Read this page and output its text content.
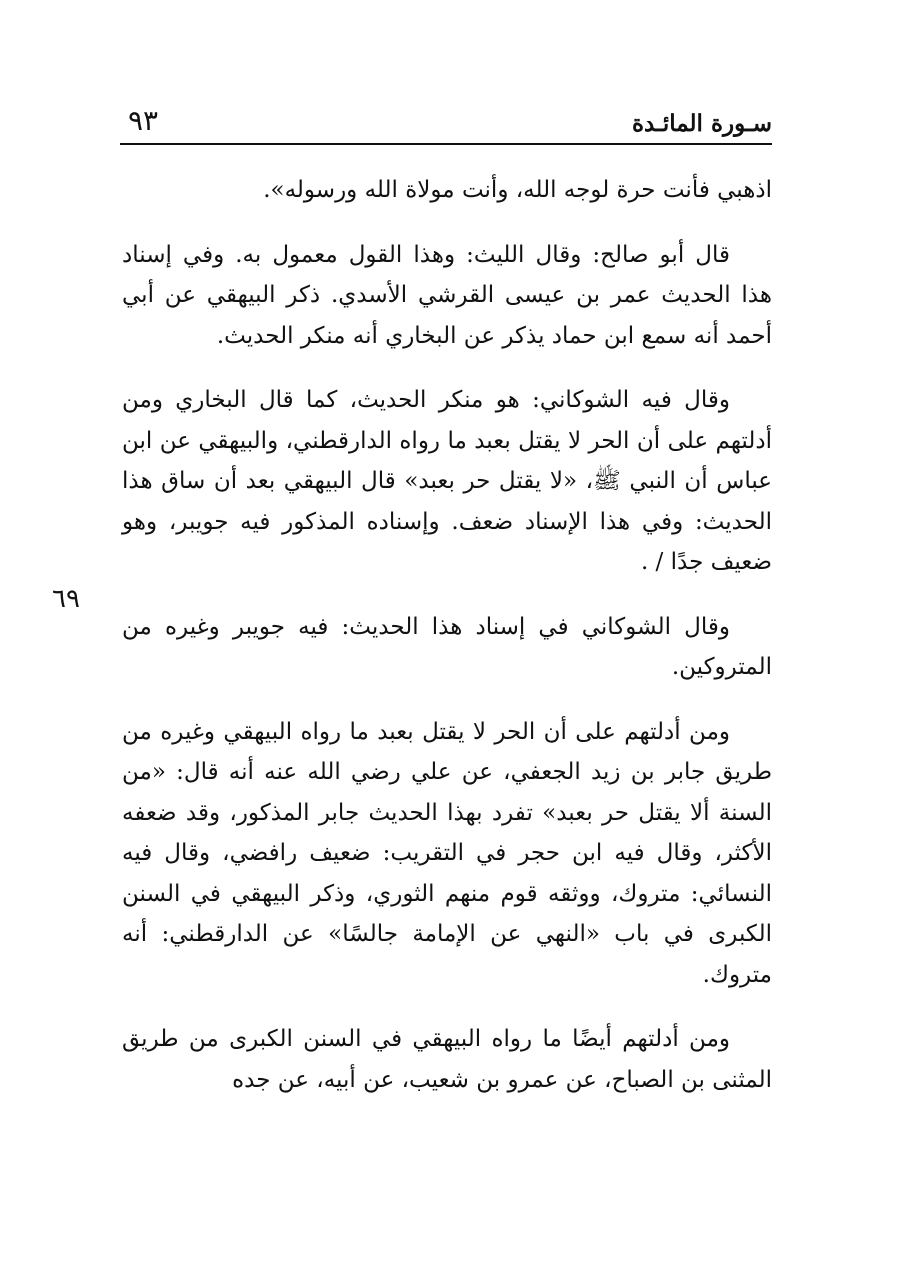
سـورة المائـدة
٩٣
٦٩

اذهبي فأنت حرة لوجه الله، وأنت مولاة الله ورسوله».

قال أبو صالح: وقال الليث: وهذا القول معمول به. وفي إسناد هذا الحديث عمر بن عيسى القرشي الأسدي. ذكر البيهقي عن أبي أحمد أنه سمع ابن حماد يذكر عن البخاري أنه منكر الحديث.

وقال فيه الشوكاني: هو منكر الحديث، كما قال البخاري ومن أدلتهم على أن الحر لا يقتل بعبد ما رواه الدارقطني، والبيهقي عن ابن عباس أن النبي ﷺ، «لا يقتل حر بعبد» قال البيهقي بعد أن ساق هذا الحديث: وفي هذا الإسناد ضعف. وإسناده المذكور فيه جويبر، وهو ضعيف جدًا / .

وقال الشوكاني في إسناد هذا الحديث: فيه جويبر وغيره من المتروكين.

ومن أدلتهم على أن الحر لا يقتل بعبد ما رواه البيهقي وغيره من طريق جابر بن زيد الجعفي، عن علي رضي الله عنه أنه قال: «من السنة ألا يقتل حر بعبد» تفرد بهذا الحديث جابر المذكور، وقد ضعفه الأكثر، وقال فيه ابن حجر في التقريب: ضعيف رافضي، وقال فيه النسائي: متروك، ووثقه قوم منهم الثوري، وذكر البيهقي في السنن الكبرى في باب «النهي عن الإمامة جالسًا» عن الدارقطني: أنه متروك.

ومن أدلتهم أيضًا ما رواه البيهقي في السنن الكبرى من طريق المثنى بن الصباح، عن عمرو بن شعيب، عن أبيه، عن جده
